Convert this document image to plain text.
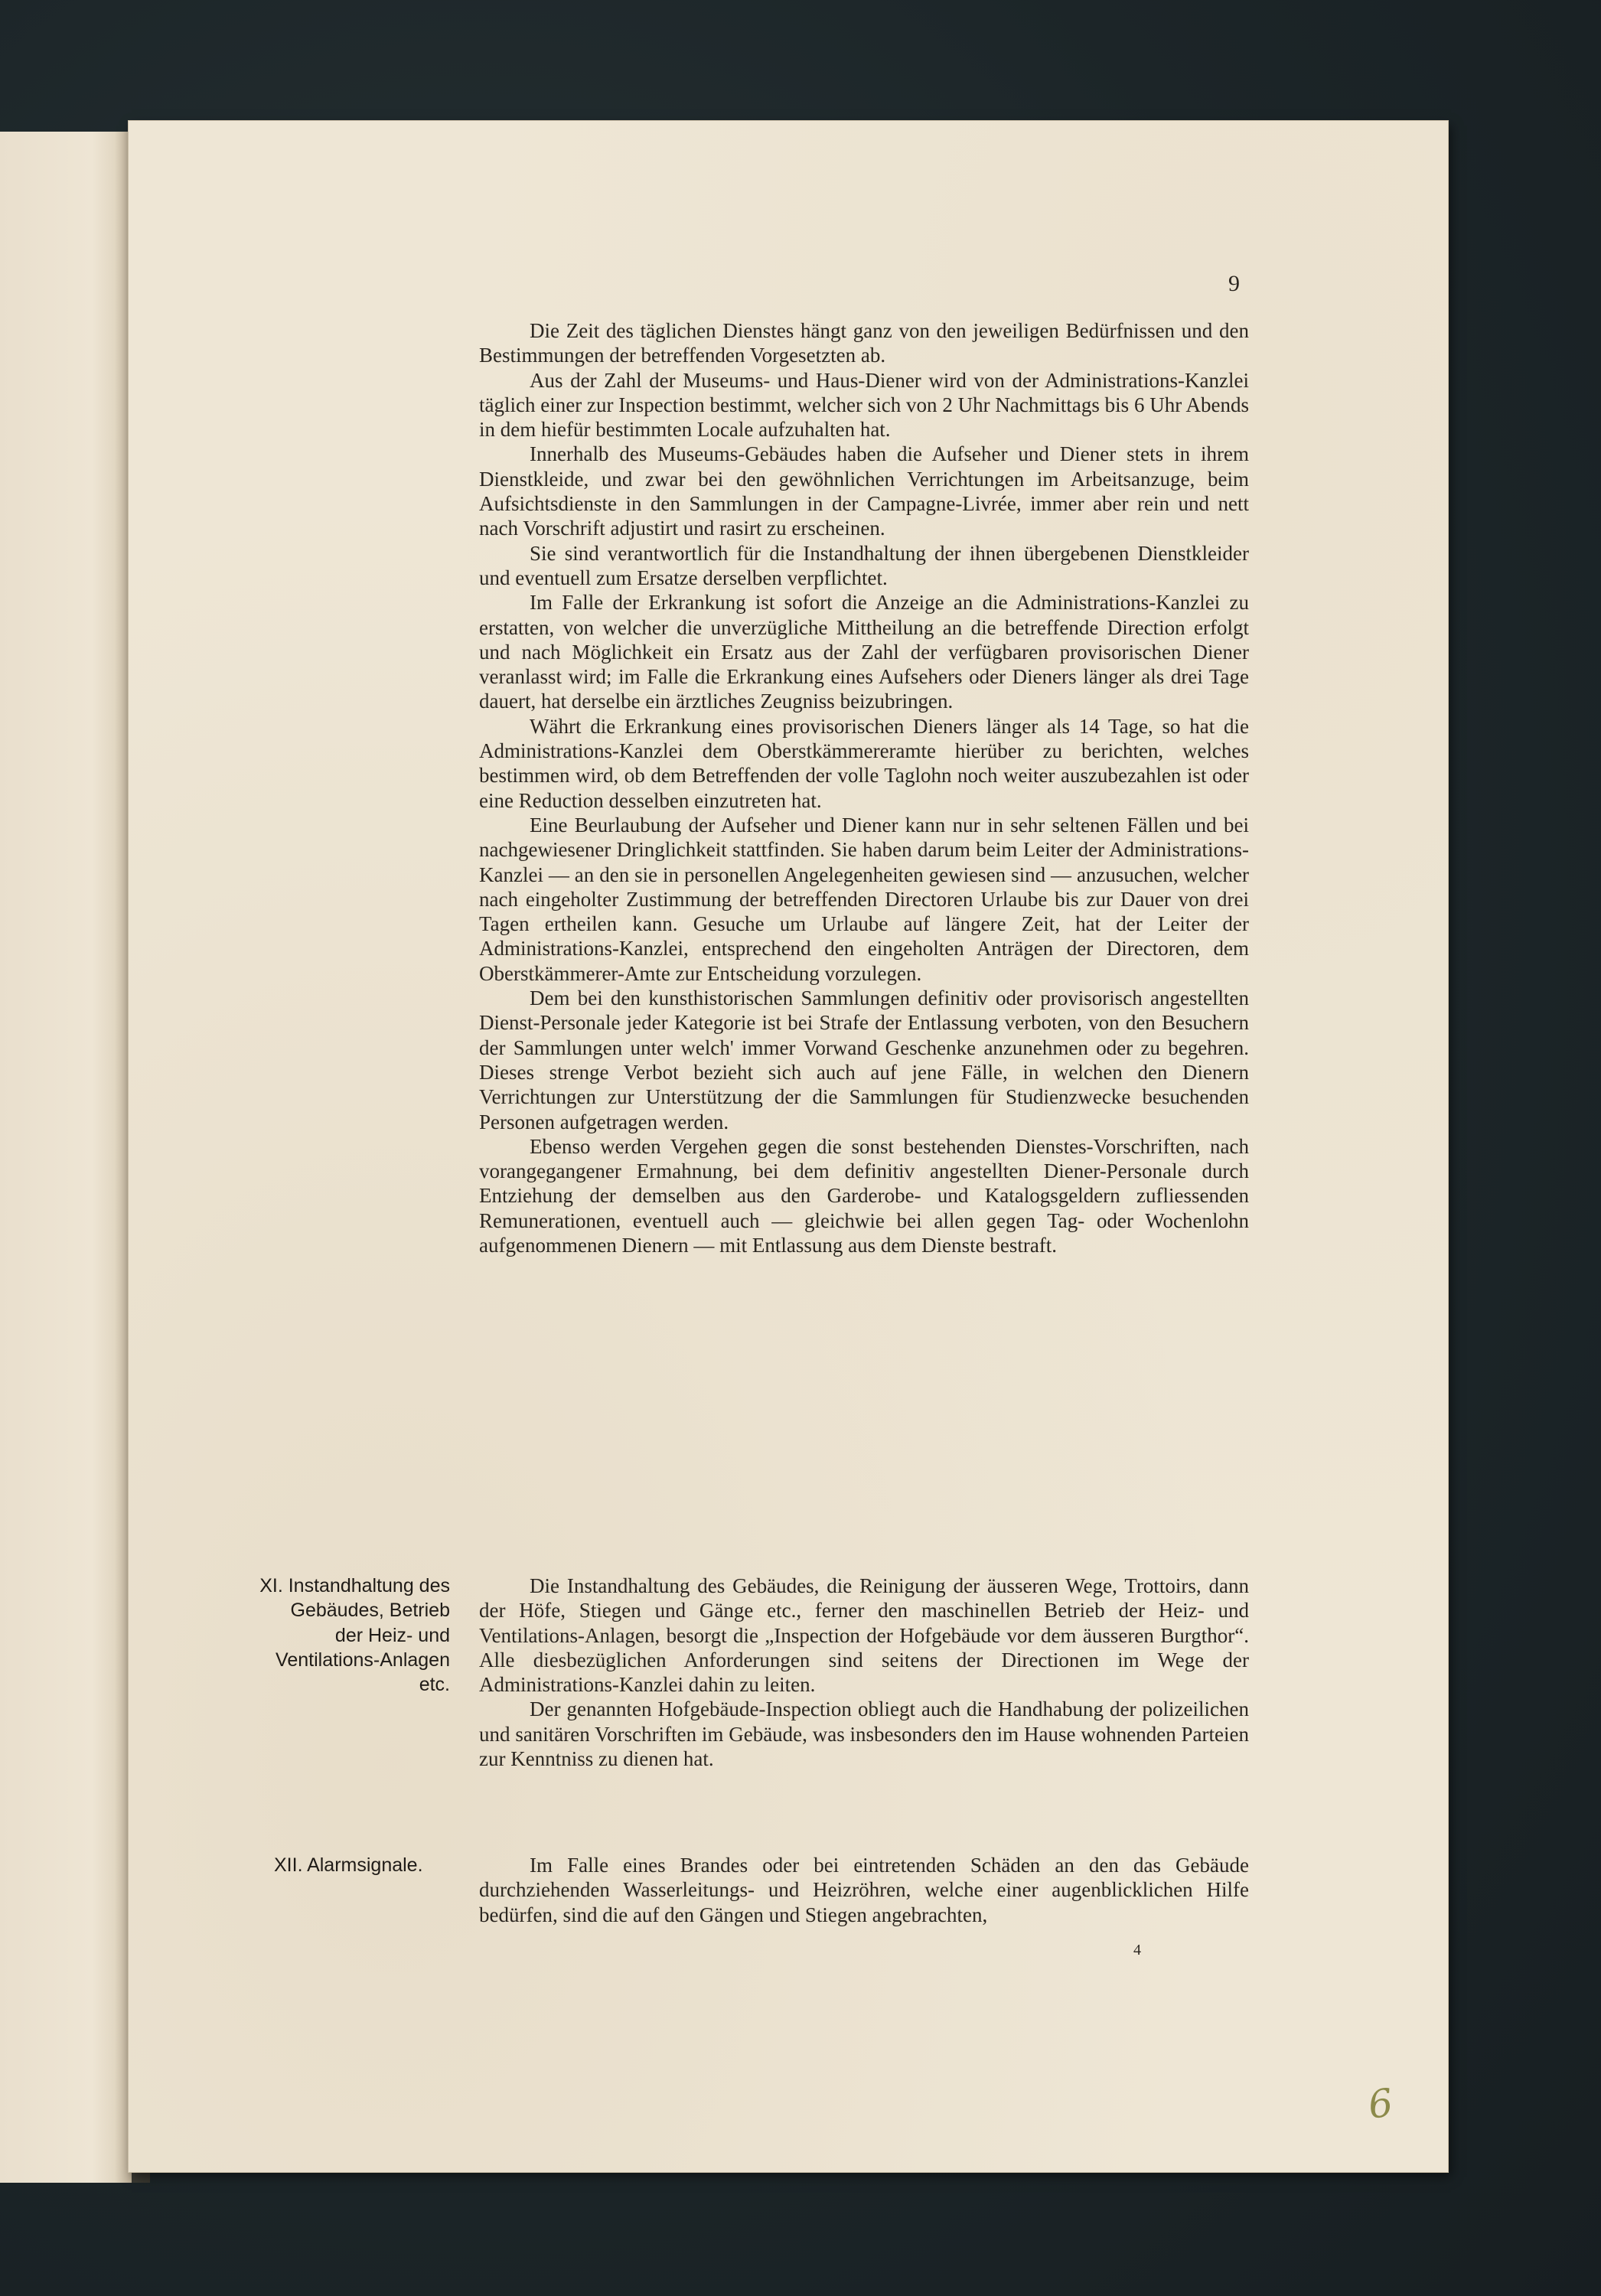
9

Die Zeit des täglichen Dienstes hängt ganz von den jeweiligen Bedürfnissen und den Bestimmungen der betreffenden Vorgesetzten ab.

Aus der Zahl der Museums- und Haus-Diener wird von der Administrations-Kanzlei täglich einer zur Inspection bestimmt, welcher sich von 2 Uhr Nachmittags bis 6 Uhr Abends in dem hiefür bestimmten Locale aufzuhalten hat.

Innerhalb des Museums-Gebäudes haben die Aufseher und Diener stets in ihrem Dienstkleide, und zwar bei den gewöhnlichen Verrichtungen im Arbeitsanzuge, beim Aufsichtsdienste in den Sammlungen in der Campagne-Livrée, immer aber rein und nett nach Vorschrift adjustirt und rasirt zu erscheinen.

Sie sind verantwortlich für die Instandhaltung der ihnen übergebenen Dienstkleider und eventuell zum Ersatze derselben verpflichtet.

Im Falle der Erkrankung ist sofort die Anzeige an die Administrations-Kanzlei zu erstatten, von welcher die unverzügliche Mittheilung an die betreffende Direction erfolgt und nach Möglichkeit ein Ersatz aus der Zahl der verfügbaren provisorischen Diener veranlasst wird; im Falle die Erkrankung eines Aufsehers oder Dieners länger als drei Tage dauert, hat derselbe ein ärztliches Zeugniss beizubringen.

Währt die Erkrankung eines provisorischen Dieners länger als 14 Tage, so hat die Administrations-Kanzlei dem Oberstkämmereramte hierüber zu berichten, welches bestimmen wird, ob dem Betreffenden der volle Taglohn noch weiter auszubezahlen ist oder eine Reduction desselben einzutreten hat.

Eine Beurlaubung der Aufseher und Diener kann nur in sehr seltenen Fällen und bei nachgewiesener Dringlichkeit stattfinden. Sie haben darum beim Leiter der Administrations-Kanzlei — an den sie in personellen Angelegenheiten gewiesen sind — anzusuchen, welcher nach eingeholter Zustimmung der betreffenden Directoren Urlaube bis zur Dauer von drei Tagen ertheilen kann. Gesuche um Urlaube auf längere Zeit, hat der Leiter der Administrations-Kanzlei, entsprechend den eingeholten Anträgen der Directoren, dem Oberstkämmerer-Amte zur Entscheidung vorzulegen.

Dem bei den kunsthistorischen Sammlungen definitiv oder provisorisch angestellten Dienst-Personale jeder Kategorie ist bei Strafe der Entlassung verboten, von den Besuchern der Sammlungen unter welch' immer Vorwand Geschenke anzunehmen oder zu begehren. Dieses strenge Verbot bezieht sich auch auf jene Fälle, in welchen den Dienern Verrichtungen zur Unterstützung der die Sammlungen für Studienzwecke besuchenden Personen aufgetragen werden.

Ebenso werden Vergehen gegen die sonst bestehenden Dienstes-Vorschriften, nach vorangegangener Ermahnung, bei dem definitiv angestellten Diener-Personale durch Entziehung der demselben aus den Garderobe- und Katalogsgeldern zufliessenden Remunerationen, eventuell auch — gleichwie bei allen gegen Tag- oder Wochenlohn aufgenommenen Dienern — mit Entlassung aus dem Dienste bestraft.

XI. Instandhaltung des Gebäudes, Betrieb der Heiz- und Ventilations-Anlagen etc.

Die Instandhaltung des Gebäudes, die Reinigung der äusseren Wege, Trottoirs, dann der Höfe, Stiegen und Gänge etc., ferner den maschinellen Betrieb der Heiz- und Ventilations-Anlagen, besorgt die „Inspection der Hofgebäude vor dem äusseren Burgthor“. Alle diesbezüglichen Anforderungen sind seitens der Directionen im Wege der Administrations-Kanzlei dahin zu leiten.

Der genannten Hofgebäude-Inspection obliegt auch die Handhabung der polizeilichen und sanitären Vorschriften im Gebäude, was insbesonders den im Hause wohnenden Parteien zur Kenntniss zu dienen hat.

XII. Alarmsignale.	Im Falle eines Brandes oder bei eintretenden Schäden an den das Gebäude durchziehenden Wasserleitungs- und Heizröhren, welche einer augenblicklichen Hilfe bedürfen, sind die auf den Gängen und Stiegen angebrachten,

4
6
